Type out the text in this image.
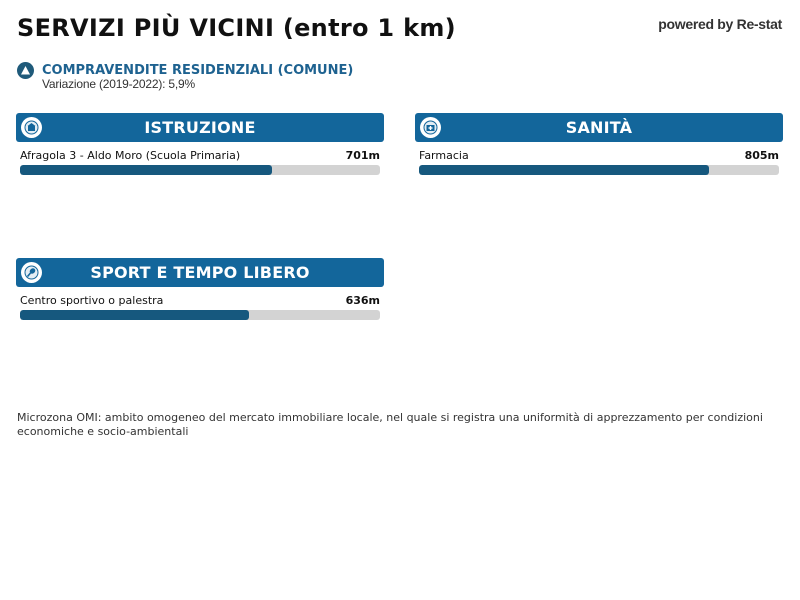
SERVIZI PIÙ VICINI (entro 1 km)	powered by Re-stat
COMPRAVENDITE RESIDENZIALI (COMUNE)
Variazione (2019-2022): 5,9%
ISTRUZIONE
Afragola 3 - Aldo Moro (Scuola Primaria)	701m
SANITÀ
Farmacia	805m
SPORT E TEMPO LIBERO
Centro sportivo o palestra	636m
Microzona OMI: ambito omogeneo del mercato immobiliare locale, nel quale si registra una uniformità di apprezzamento per condizioni economiche e socio-ambientali
